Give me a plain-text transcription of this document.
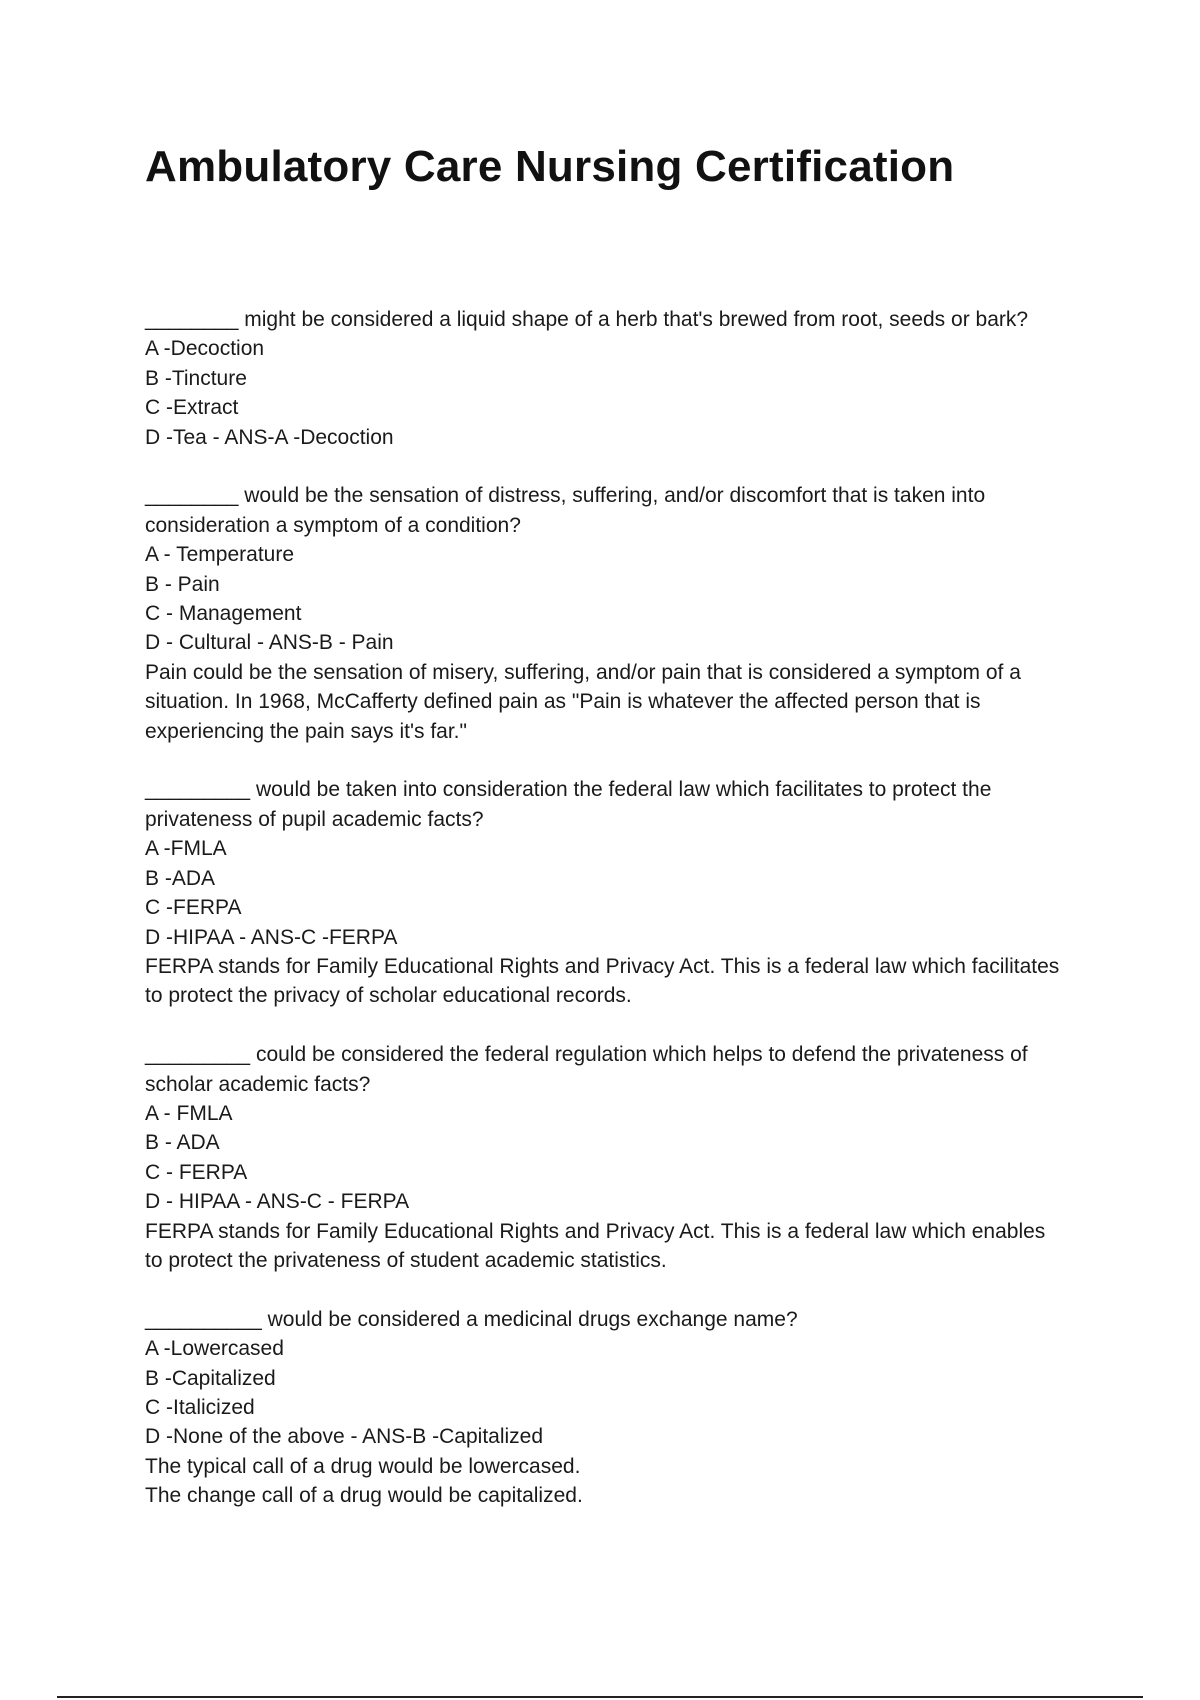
Ambulatory Care Nursing Certification

________ might be considered a liquid shape of a herb that's brewed from root, seeds or bark?

A -Decoction

B -Tincture

C -Extract

D -Tea - ANS-A -Decoction

________ would be the sensation of distress, suffering, and/or discomfort that is taken into consideration a symptom of a condition?

A - Temperature

B - Pain

C - Management

D - Cultural - ANS-B - Pain

Pain could be the sensation of misery, suffering, and/or pain that is considered a symptom of a situation. In 1968, McCafferty defined pain as "Pain is whatever the affected person that is experiencing the pain says it's far."

_________ would be taken into consideration the federal law which facilitates to protect the privateness of pupil academic facts?

A -FMLA

B -ADA

C -FERPA

D -HIPAA - ANS-C -FERPA

FERPA stands for Family Educational Rights and Privacy Act. This is a federal law which facilitates to protect the privacy of scholar educational records.

_________ could be considered the federal regulation which helps to defend the privateness of scholar academic facts?

A - FMLA

B - ADA

C - FERPA

D - HIPAA - ANS-C - FERPA

FERPA stands for Family Educational Rights and Privacy Act. This is a federal law which enables to protect the privateness of student academic statistics.

__________ would be considered a medicinal drugs exchange name?

A -Lowercased

B -Capitalized

C -Italicized

D -None of the above - ANS-B -Capitalized

The typical call of a drug would be lowercased.

The change call of a drug would be capitalized.
